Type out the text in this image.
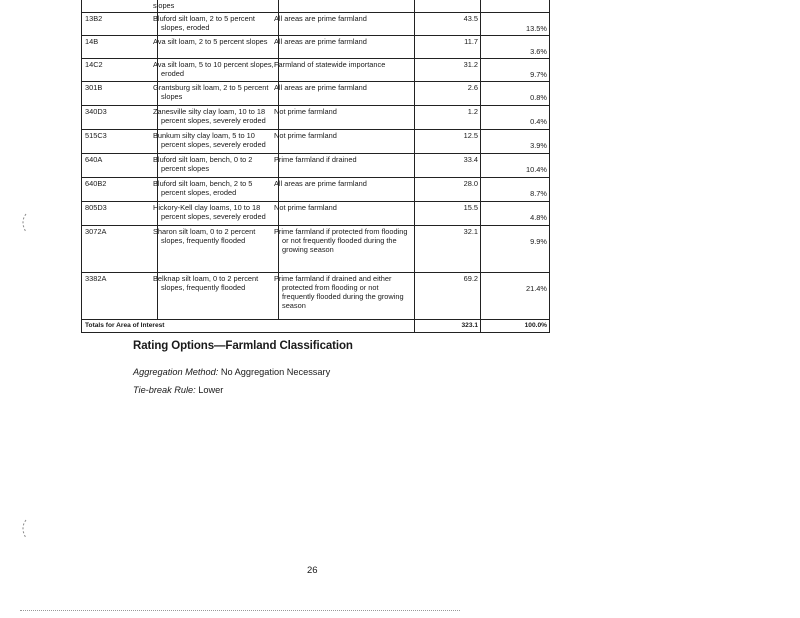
	slopes			
13B2	Bluford silt loam, 2 to 5 percent slopes, eroded	All areas are prime farmland	43.5	13.5%
14B	Ava silt loam, 2 to 5 percent slopes	All areas are prime farmland	11.7	3.6%
14C2	Ava silt loam, 5 to 10 percent slopes, eroded	Farmland of statewide importance	31.2	9.7%
301B	Grantsburg silt loam, 2 to 5 percent slopes	All areas are prime farmland	2.6	0.8%
340D3	Zanesville silty clay loam, 10 to 18 percent slopes, severely eroded	Not prime farmland	1.2	0.4%
515C3	Bunkum silty clay loam, 5 to 10 percent slopes, severely eroded	Not prime farmland	12.5	3.9%
640A	Bluford silt loam, bench, 0 to 2 percent slopes	Prime farmland if drained	33.4	10.4%
640B2	Bluford silt loam, bench, 2 to 5 percent slopes, eroded	All areas are prime farmland	28.0	8.7%
805D3	Hickory-Kell clay loams, 10 to 18 percent slopes, severely eroded	Not prime farmland	15.5	4.8%
3072A	Sharon silt loam, 0 to 2 percent slopes, frequently flooded	Prime farmland if protected from flooding or not frequently flooded during the growing season	32.1	9.9%
3382A	Belknap silt loam, 0 to 2 percent slopes, frequently flooded	Prime farmland if drained and either protected from flooding or not frequently flooded during the growing season	69.2	21.4%
Totals for Area of Interest			323.1	100.0%
Rating Options—Farmland Classification
Aggregation Method: No Aggregation Necessary
Tie-break Rule: Lower
26
